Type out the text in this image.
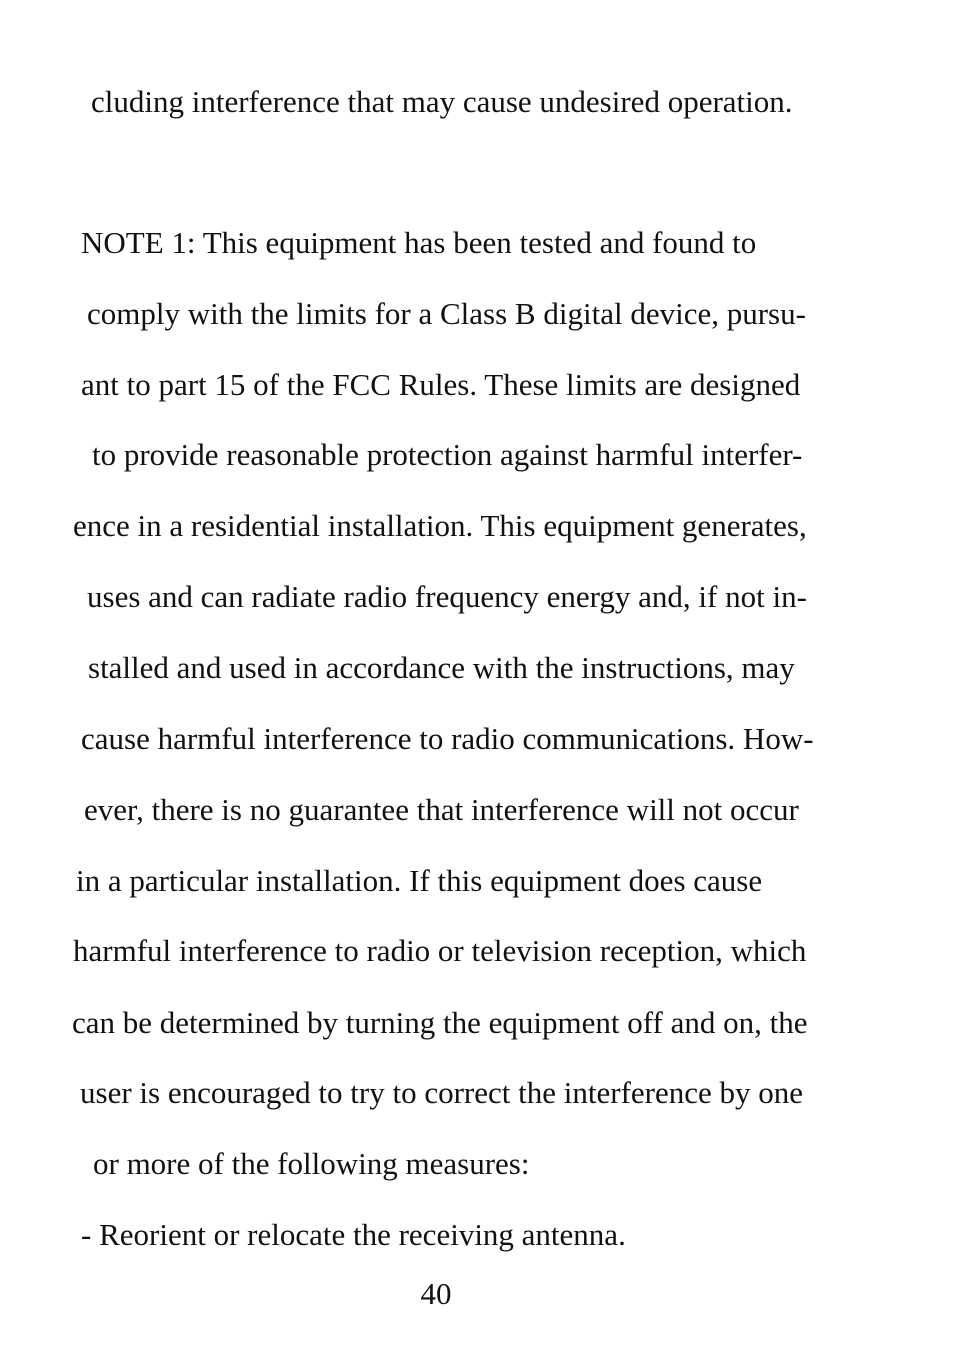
cluding interference that may cause undesired operation.

NOTE 1: This equipment has been tested and found to

comply with the limits for a Class B digital device, pursu-

ant to part 15 of the FCC Rules. These limits are designed

to provide reasonable protection against harmful interfer-

ence in a residential installation. This equipment generates,

uses and can radiate radio frequency energy and, if not in-

stalled and used in accordance with the instructions, may

cause harmful interference to radio communications. How-

ever, there is no guarantee that interference will not occur

in a particular installation. If this equipment does cause

harmful interference to radio or television reception, which

can be determined by turning the equipment off and on, the

user is encouraged to try to correct the interference by one

or more of the following measures:

- Reorient or relocate the receiving antenna.

40
